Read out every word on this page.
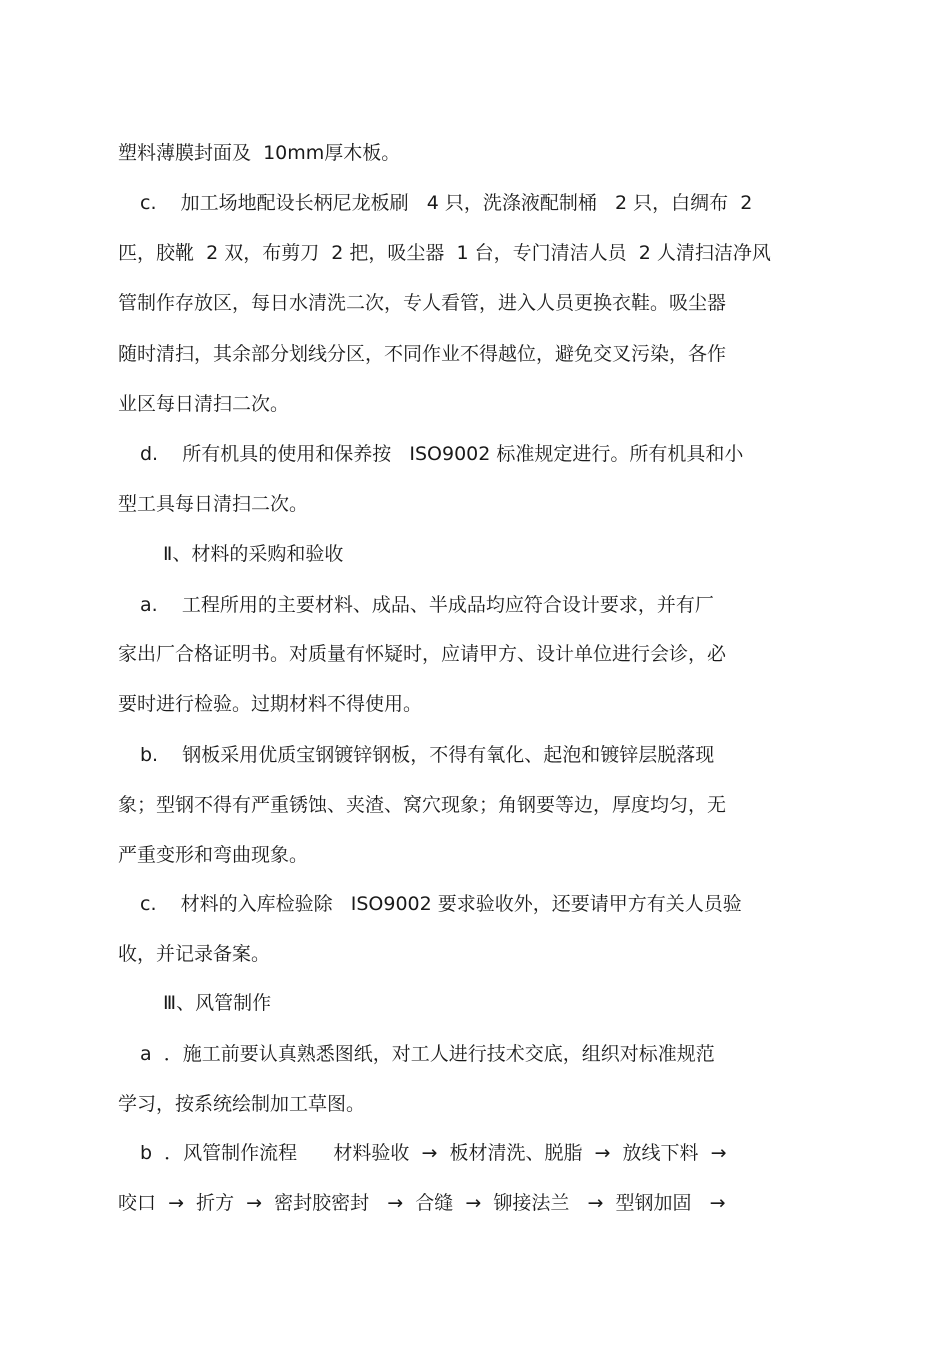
塑料薄膜封面及  10mm厚木板。
c.    加工场地配设长柄尼龙板刷   4 只，洗涤液配制桶   2 只，白绸布  2
匹，胶靴  2 双，布剪刀  2 把，吸尘器  1 台，专门清洁人员  2 人清扫洁净风
管制作存放区，每日水清洗二次，专人看管，进入人员更换衣鞋。吸尘器
随时清扫，其余部分划线分区，不同作业不得越位，避免交叉污染，各作
业区每日清扫二次。
d.    所有机具的使用和保养按   ISO9002 标准规定进行。所有机具和小
型工具每日清扫二次。
Ⅱ、材料的采购和验收
a.    工程所用的主要材料、成品、半成品均应符合设计要求，并有厂
家出厂合格证明书。对质量有怀疑时，应请甲方、设计单位进行会诊，必
要时进行检验。过期材料不得使用。
b.    钢板采用优质宝钢镀锌钢板，不得有氧化、起泡和镀锌层脱落现
象；型钢不得有严重锈蚀、夹渣、窝穴现象；角钢要等边，厚度均匀，无
严重变形和弯曲现象。
c.    材料的入库检验除   ISO9002 要求验收外，还要请甲方有关人员验
收，并记录备案。
Ⅲ、风管制作
a  ．施工前要认真熟悉图纸，对工人进行技术交底，组织对标准规范
学习，按系统绘制加工草图。
b  ．风管制作流程      材料验收  →  板材清洗、脱脂  →  放线下料  →
咬口  →  折方  →  密封胶密封   →  合缝  →  铆接法兰   →  型钢加固   →
